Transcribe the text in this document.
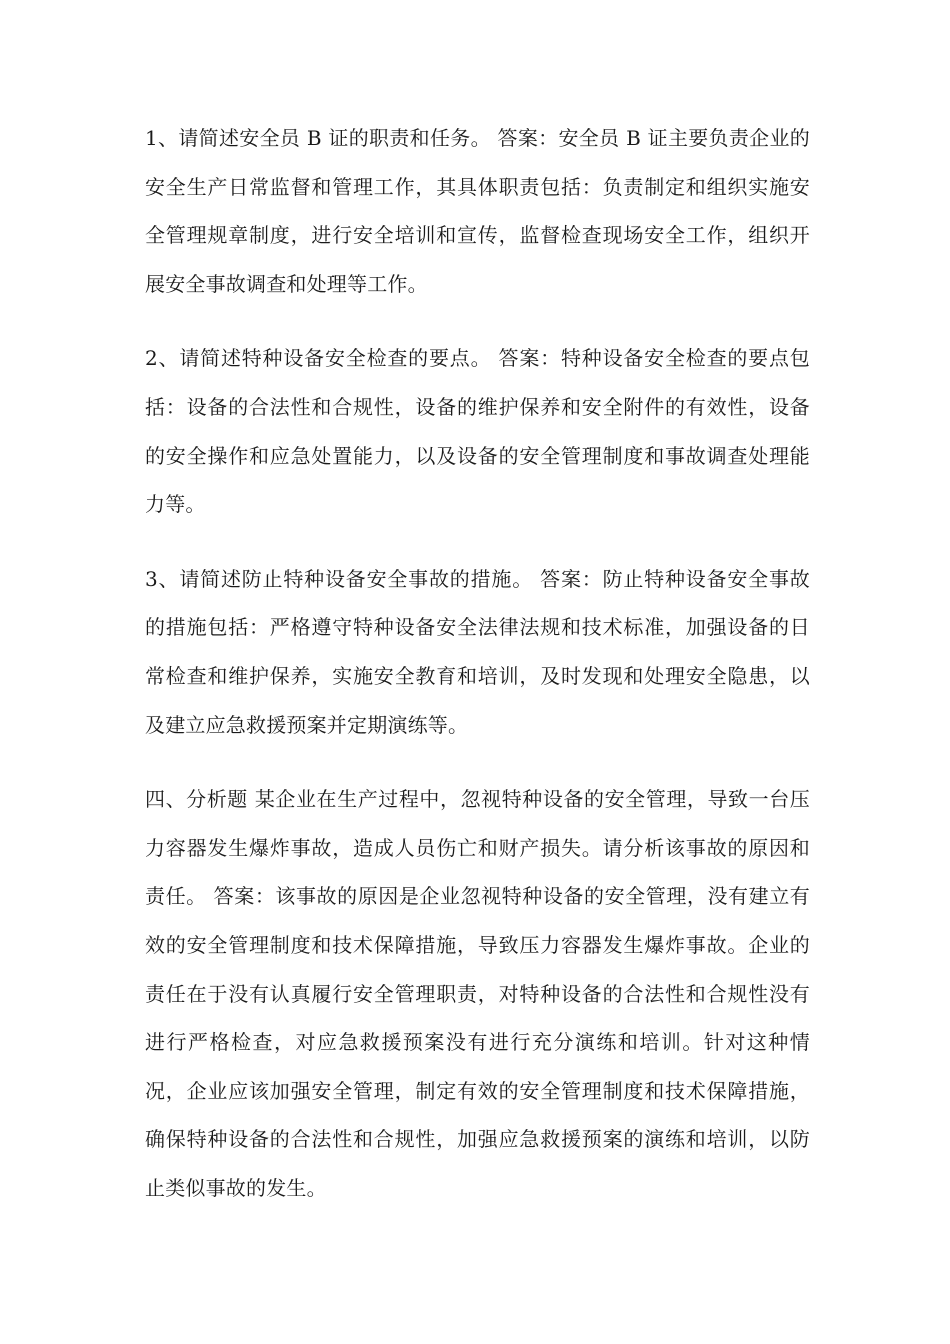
1、请简述安全员 B 证的职责和任务。 答案：安全员 B 证主要负责企业的安全生产日常监督和管理工作，其具体职责包括：负责制定和组织实施安全管理规章制度，进行安全培训和宣传，监督检查现场安全工作，组织开展安全事故调查和处理等工作。

2、请简述特种设备安全检查的要点。 答案：特种设备安全检查的要点包括：设备的合法性和合规性，设备的维护保养和安全附件的有效性，设备的安全操作和应急处置能力，以及设备的安全管理制度和事故调查处理能力等。

3、请简述防止特种设备安全事故的措施。 答案：防止特种设备安全事故的措施包括：严格遵守特种设备安全法律法规和技术标准，加强设备的日常检查和维护保养，实施安全教育和培训，及时发现和处理安全隐患，以及建立应急救援预案并定期演练等。

四、分析题 某企业在生产过程中，忽视特种设备的安全管理，导致一台压力容器发生爆炸事故，造成人员伤亡和财产损失。请分析该事故的原因和责任。 答案：该事故的原因是企业忽视特种设备的安全管理，没有建立有效的安全管理制度和技术保障措施，导致压力容器发生爆炸事故。企业的责任在于没有认真履行安全管理职责，对特种设备的合法性和合规性没有进行严格检查，对应急救援预案没有进行充分演练和培训。针对这种情况，企业应该加强安全管理，制定有效的安全管理制度和技术保障措施，确保特种设备的合法性和合规性，加强应急救援预案的演练和培训，以防止类似事故的发生。
